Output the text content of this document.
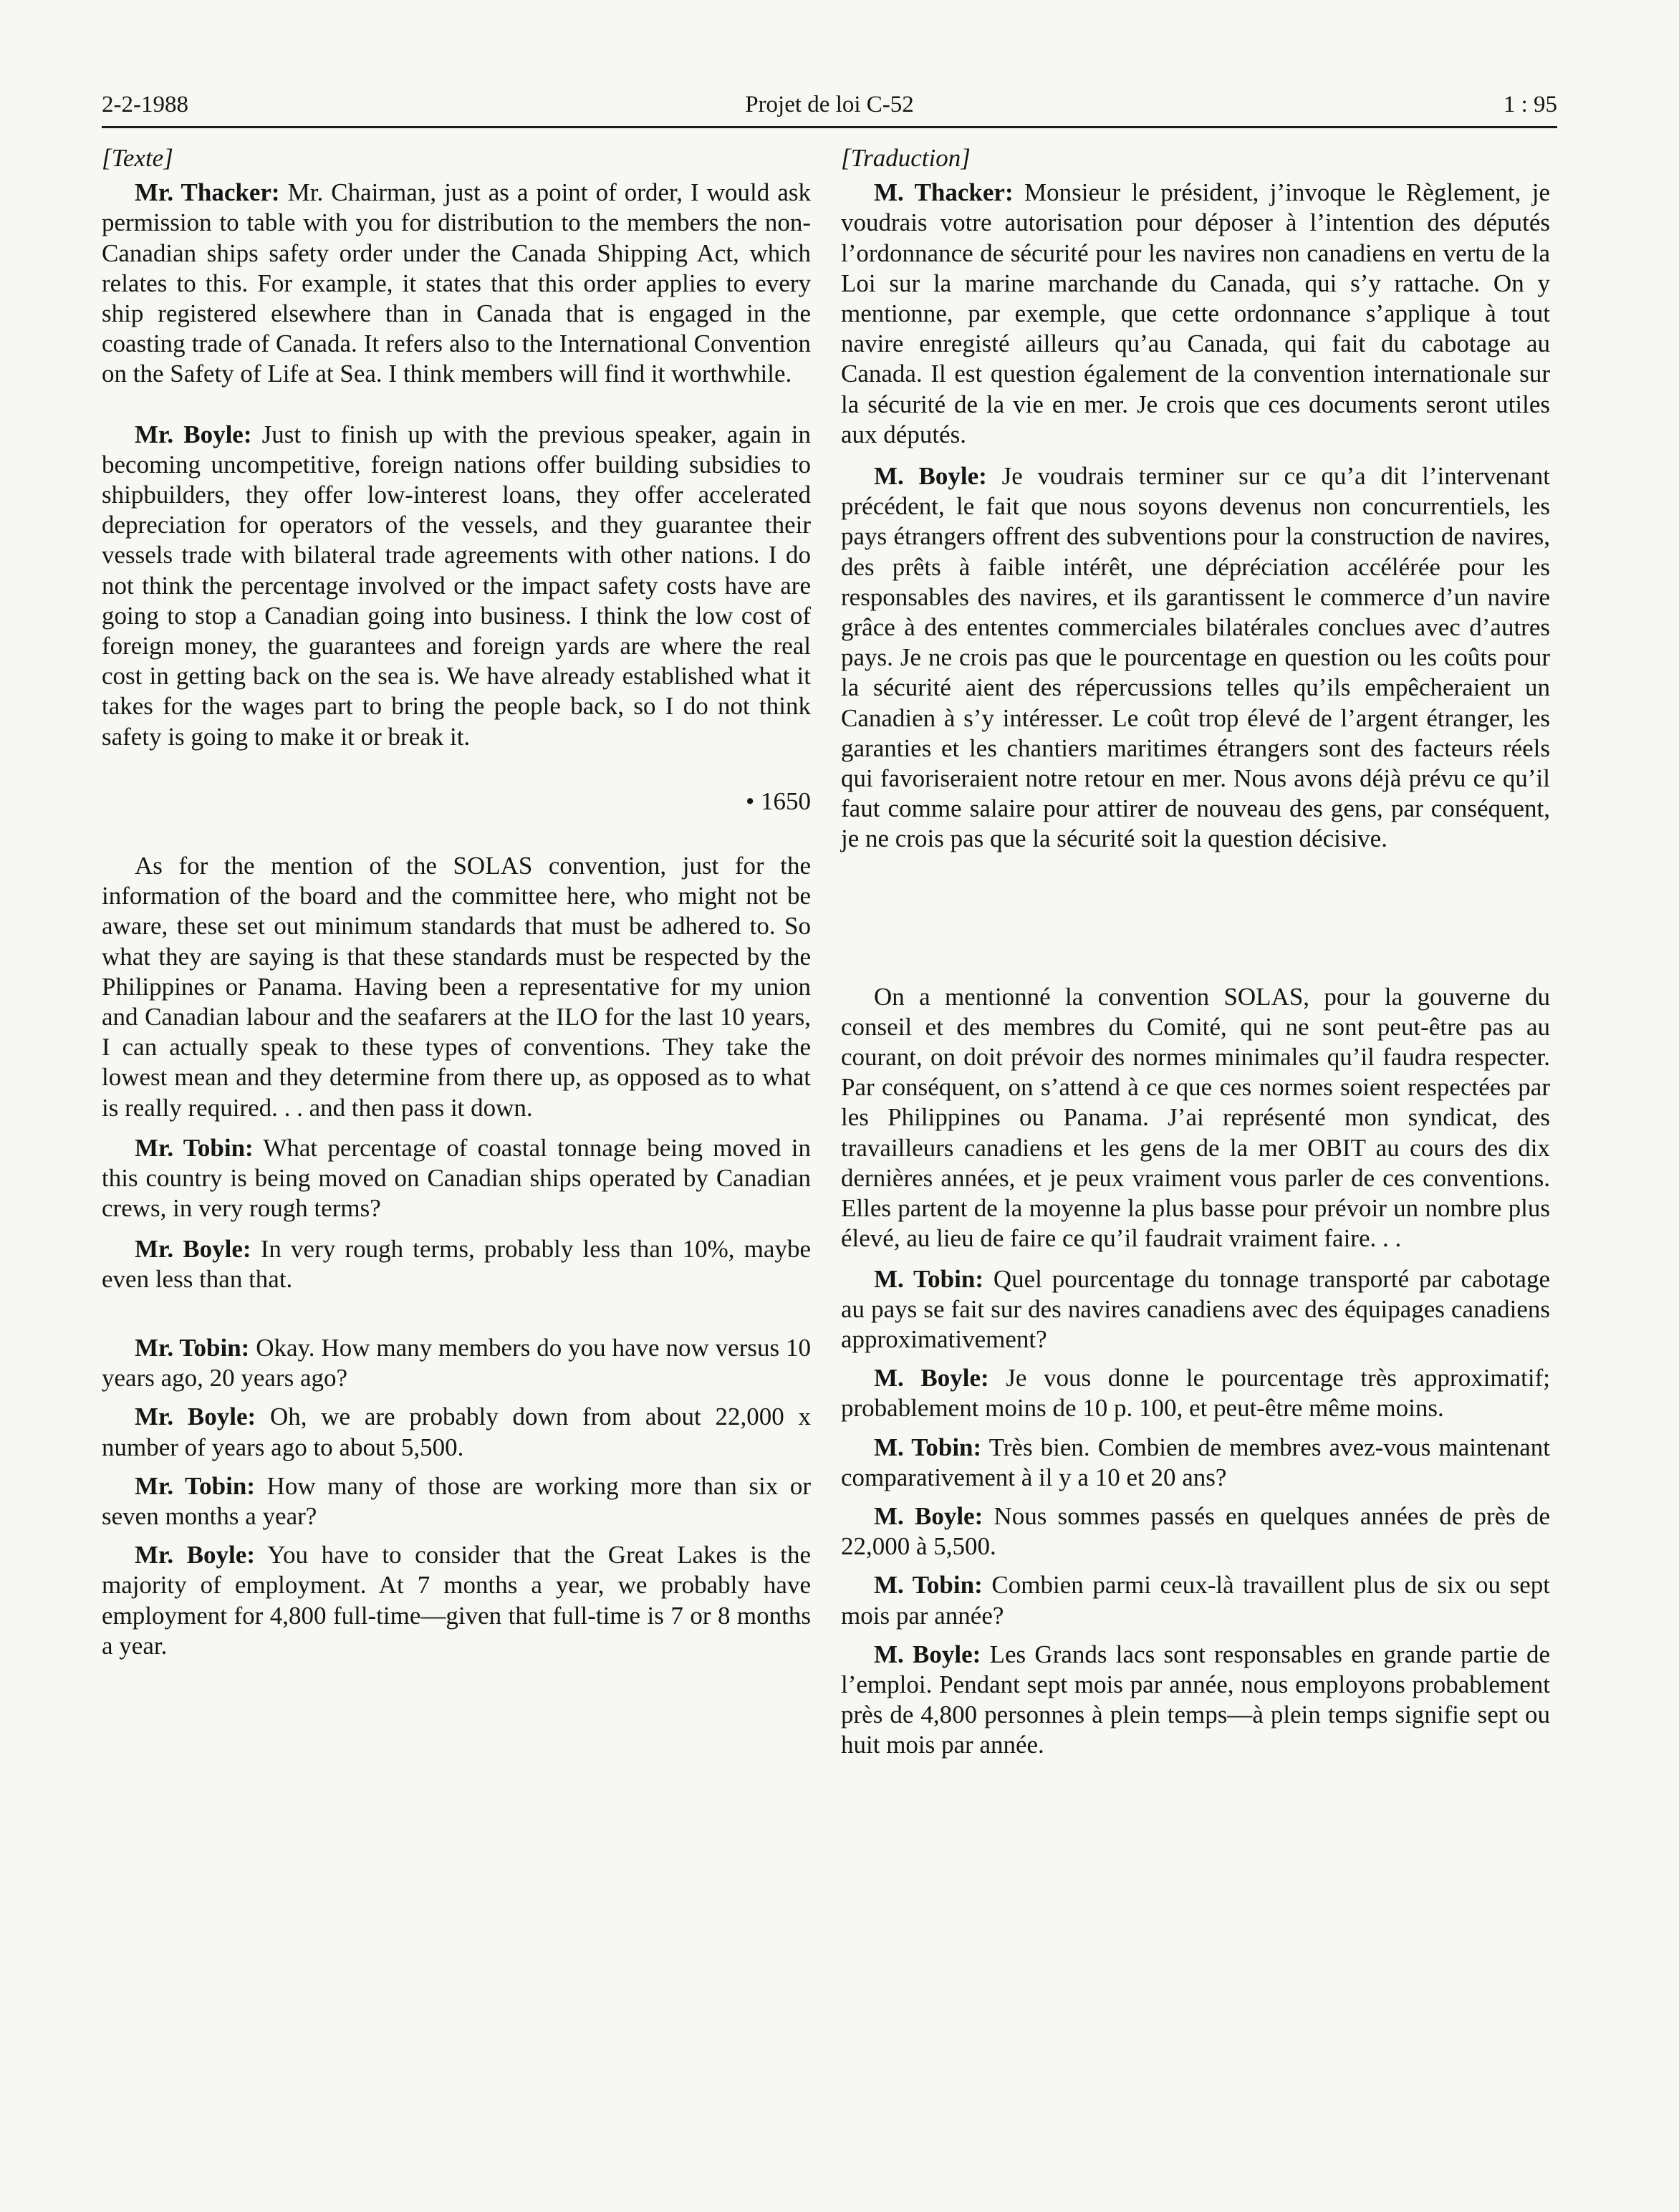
2-2-1988	Projet de loi C-52	1 : 95
[Texte]

Mr. Thacker: Mr. Chairman, just as a point of order, I would ask permission to table with you for distribution to the members the non-Canadian ships safety order under the Canada Shipping Act, which relates to this. For example, it states that this order applies to every ship registered elsewhere than in Canada that is engaged in the coasting trade of Canada. It refers also to the International Convention on the Safety of Life at Sea. I think members will find it worthwhile.

Mr. Boyle: Just to finish up with the previous speaker, again in becoming uncompetitive, foreign nations offer building subsidies to shipbuilders, they offer low-interest loans, they offer accelerated depreciation for operators of the vessels, and they guarantee their vessels trade with bilateral trade agreements with other nations. I do not think the percentage involved or the impact safety costs have are going to stop a Canadian going into business. I think the low cost of foreign money, the guarantees and foreign yards are where the real cost in getting back on the sea is. We have already established what it takes for the wages part to bring the people back, so I do not think safety is going to make it or break it.

• 1650

As for the mention of the SOLAS convention, just for the information of the board and the committee here, who might not be aware, these set out minimum standards that must be adhered to. So what they are saying is that these standards must be respected by the Philippines or Panama. Having been a representative for my union and Canadian labour and the seafarers at the ILO for the last 10 years, I can actually speak to these types of conventions. They take the lowest mean and they determine from there up, as opposed as to what is really required. . . and then pass it down.

Mr. Tobin: What percentage of coastal tonnage being moved in this country is being moved on Canadian ships operated by Canadian crews, in very rough terms?

Mr. Boyle: In very rough terms, probably less than 10%, maybe even less than that.

Mr. Tobin: Okay. How many members do you have now versus 10 years ago, 20 years ago?

Mr. Boyle: Oh, we are probably down from about 22,000 x number of years ago to about 5,500.

Mr. Tobin: How many of those are working more than six or seven months a year?

Mr. Boyle: You have to consider that the Great Lakes is the majority of employment. At 7 months a year, we probably have employment for 4,800 full-time—given that full-time is 7 or 8 months a year.

[Traduction]

M. Thacker: Monsieur le président, j’invoque le Règlement, je voudrais votre autorisation pour déposer à l’intention des députés l’ordonnance de sécurité pour les navires non canadiens en vertu de la Loi sur la marine marchande du Canada, qui s’y rattache. On y mentionne, par exemple, que cette ordonnance s’applique à tout navire enregisté ailleurs qu’au Canada, qui fait du cabotage au Canada. Il est question également de la convention internationale sur la sécurité de la vie en mer. Je crois que ces documents seront utiles aux députés.

M. Boyle: Je voudrais terminer sur ce qu’a dit l’intervenant précédent, le fait que nous soyons devenus non concurrentiels, les pays étrangers offrent des subventions pour la construction de navires, des prêts à faible intérêt, une dépréciation accélérée pour les responsables des navires, et ils garantissent le commerce d’un navire grâce à des ententes commerciales bilatérales conclues avec d’autres pays. Je ne crois pas que le pourcentage en question ou les coûts pour la sécurité aient des répercussions telles qu’ils empêcheraient un Canadien à s’y intéresser. Le coût trop élevé de l’argent étranger, les garanties et les chantiers maritimes étrangers sont des facteurs réels qui favoriseraient notre retour en mer. Nous avons déjà prévu ce qu’il faut comme salaire pour attirer de nouveau des gens, par conséquent, je ne crois pas que la sécurité soit la question décisive.

On a mentionné la convention SOLAS, pour la gouverne du conseil et des membres du Comité, qui ne sont peut-être pas au courant, on doit prévoir des normes minimales qu’il faudra respecter. Par conséquent, on s’attend à ce que ces normes soient respectées par les Philippines ou Panama. J’ai représenté mon syndicat, des travailleurs canadiens et les gens de la mer OBIT au cours des dix dernières années, et je peux vraiment vous parler de ces conventions. Elles partent de la moyenne la plus basse pour prévoir un nombre plus élevé, au lieu de faire ce qu’il faudrait vraiment faire. . .

M. Tobin: Quel pourcentage du tonnage transporté par cabotage au pays se fait sur des navires canadiens avec des équipages canadiens approximativement?

M. Boyle: Je vous donne le pourcentage très approximatif; probablement moins de 10 p. 100, et peut-être même moins.

M. Tobin: Très bien. Combien de membres avez-vous maintenant comparativement à il y a 10 et 20 ans?

M. Boyle: Nous sommes passés en quelques années de près de 22,000 à 5,500.

M. Tobin: Combien parmi ceux-là travaillent plus de six ou sept mois par année?

M. Boyle: Les Grands lacs sont responsables en grande partie de l’emploi. Pendant sept mois par année, nous employons probablement près de 4,800 personnes à plein temps—à plein temps signifie sept ou huit mois par année.
